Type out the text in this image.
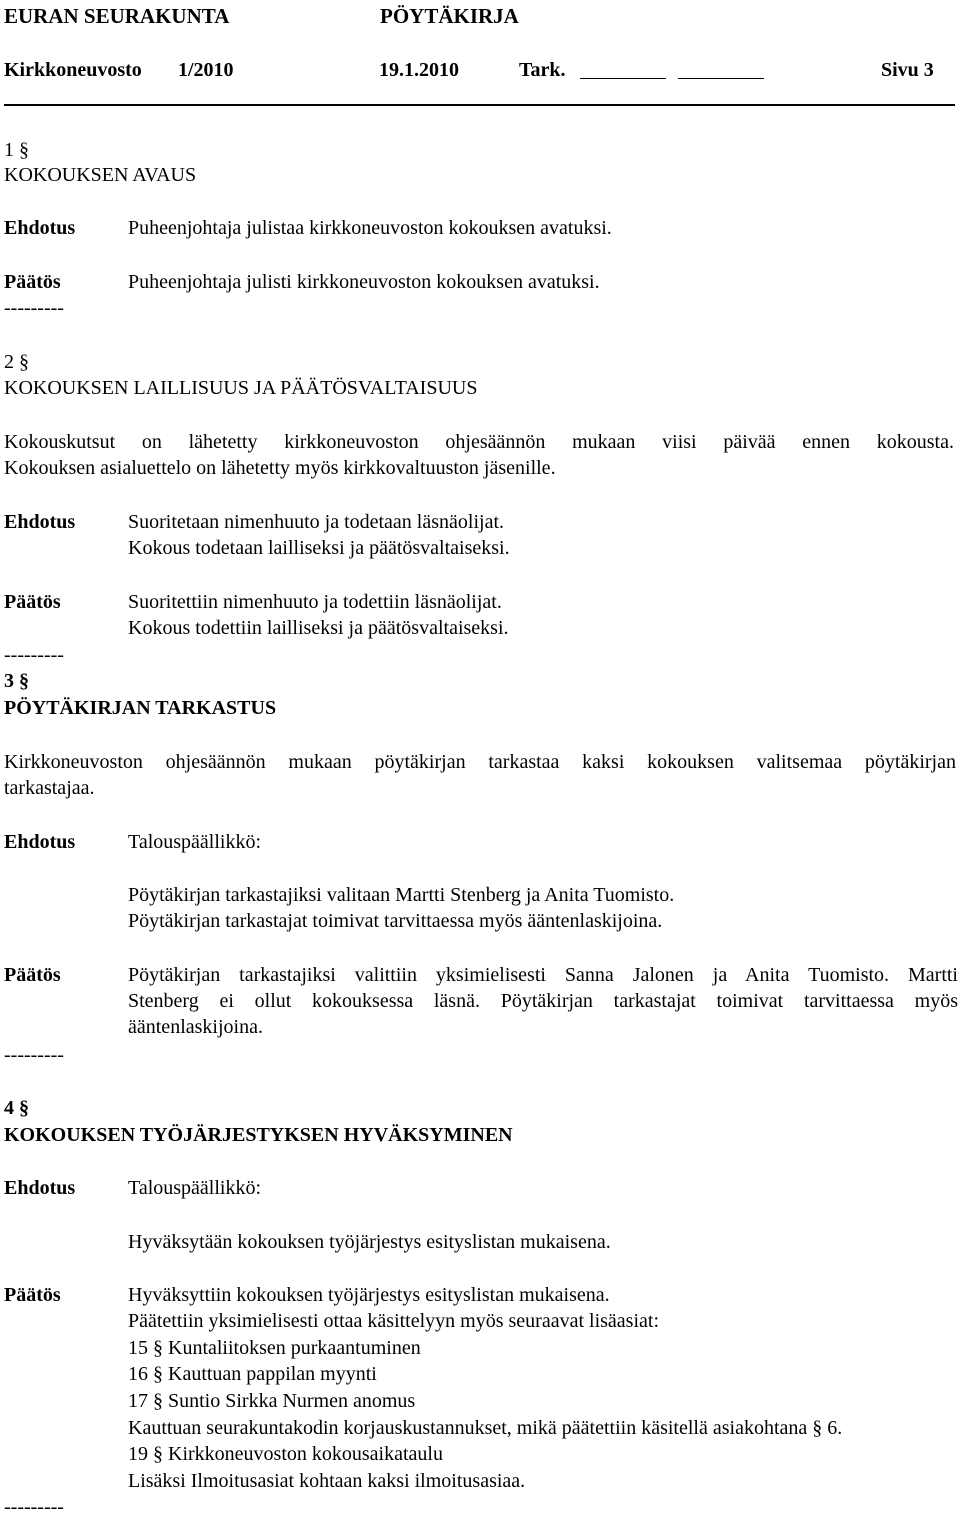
EURAN SEURAKUNTA	PÖYTÄKIRJA
Kirkkoneuvosto 1/2010	19.1.2010	Tark.	Sivu 3
1 §
KOKOUKSEN AVAUS
Ehdotus	Puheenjohtaja julistaa kirkkoneuvoston kokouksen avatuksi.
Päätös	Puheenjohtaja julisti kirkkoneuvoston kokouksen avatuksi.
---------
2 §
KOKOUKSEN LAILLISUUS JA PÄÄTÖSVALTAISUUS
Kokouskutsut on lähetetty kirkkoneuvoston ohjesäännön mukaan viisi päivää ennen kokousta.
Kokouksen asialuettelo on lähetetty myös kirkkovaltuuston jäsenille.
Ehdotus	Suoritetaan nimenhuuto ja todetaan läsnäolijat.
Kokous todetaan lailliseksi ja päätösvaltaiseksi.
Päätös	Suoritettiin nimenhuuto ja todettiin läsnäolijat.
Kokous todettiin lailliseksi ja päätösvaltaiseksi.
---------
3 §
PÖYTÄKIRJAN TARKASTUS
Kirkkoneuvoston ohjesäännön mukaan pöytäkirjan tarkastaa kaksi kokouksen valitsemaa pöytäkirjan
tarkastajaa.
Ehdotus	Talouspäällikkö:
Pöytäkirjan tarkastajiksi valitaan Martti Stenberg ja Anita Tuomisto.
Pöytäkirjan tarkastajat toimivat tarvittaessa myös ääntenlaskijoina.
Päätös	Pöytäkirjan tarkastajiksi valittiin yksimielisesti Sanna Jalonen ja Anita Tuomisto. Martti
Stenberg ei ollut kokouksessa läsnä. Pöytäkirjan tarkastajat toimivat tarvittaessa myös
ääntenlaskijoina.
---------
4 §
KOKOUKSEN TYÖJÄRJESTYKSEN HYVÄKSYMINEN
Ehdotus	Talouspäällikkö:
Hyväksytään kokouksen työjärjestys esityslistan mukaisena.
Päätös	Hyväksyttiin kokouksen työjärjestys esityslistan mukaisena.
Päätettiin yksimielisesti ottaa käsittelyyn myös seuraavat lisäasiat:
15 § Kuntaliitoksen purkaantuminen
16 § Kauttuan pappilan myynti
17 § Suntio Sirkka Nurmen anomus
Kauttuan seurakuntakodin korjauskustannukset, mikä päätettiin käsitellä asiakohtana § 6.
19 § Kirkkoneuvoston kokousaikataulu
Lisäksi Ilmoitusasiat kohtaan kaksi ilmoitusasiaa.
---------
